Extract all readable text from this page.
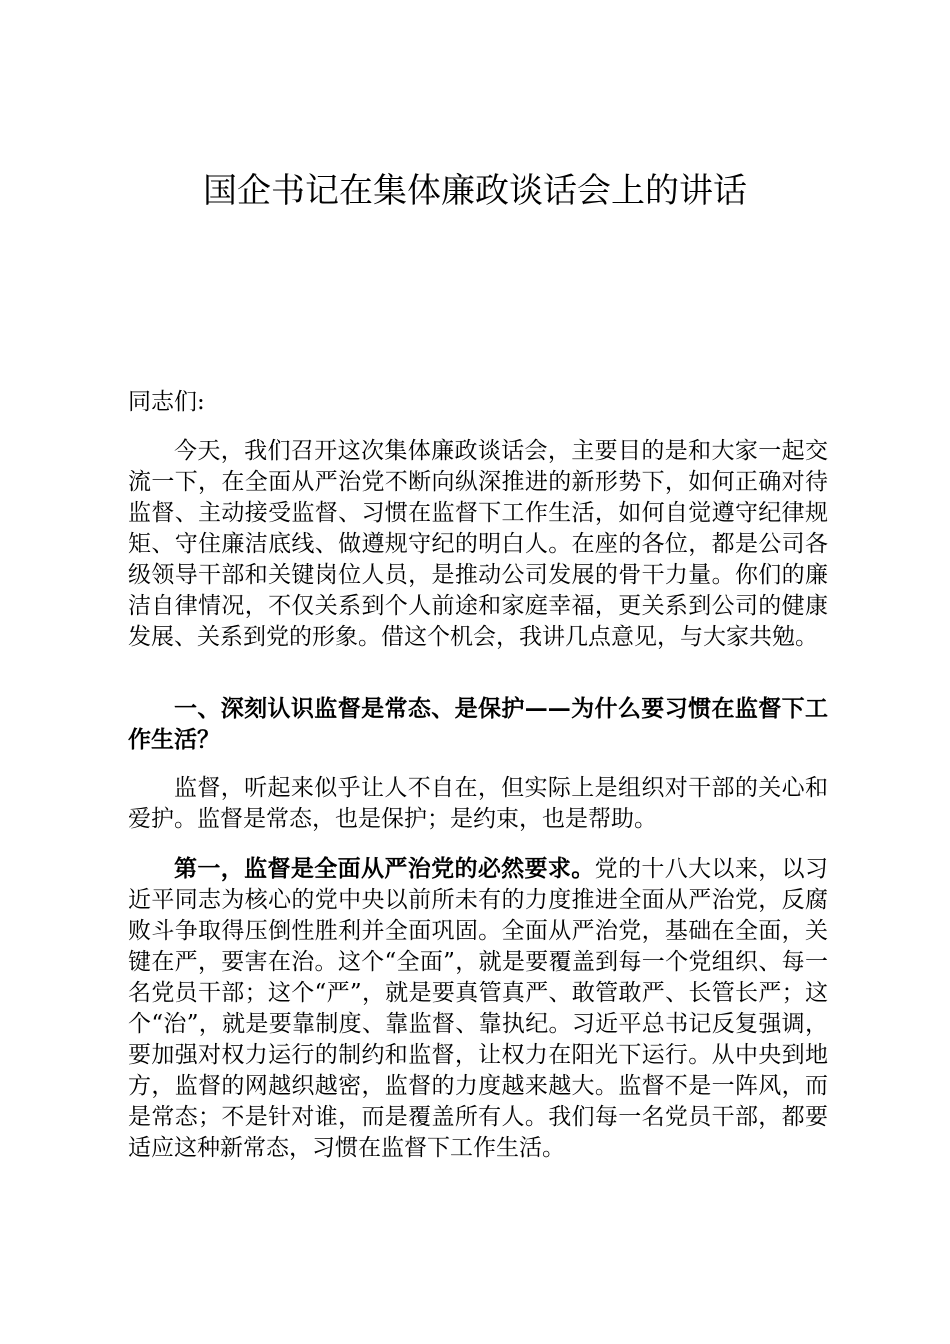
国企书记在集体廉政谈话会上的讲话

同志们:

今天，我们召开这次集体廉政谈话会，主要目的是和大家一起交流一下，在全面从严治党不断向纵深推进的新形势下，如何正确对待监督、主动接受监督、习惯在监督下工作生活，如何自觉遵守纪律规矩、守住廉洁底线、做遵规守纪的明白人。在座的各位，都是公司各级领导干部和关键岗位人员，是推动公司发展的骨干力量。你们的廉洁自律情况，不仅关系到个人前途和家庭幸福，更关系到公司的健康发展、关系到党的形象。借这个机会，我讲几点意见，与大家共勉。

一、深刻认识监督是常态、是保护——为什么要习惯在监督下工作生活？

监督，听起来似乎让人不自在，但实际上是组织对干部的关心和爱护。监督是常态，也是保护；是约束，也是帮助。

第一，监督是全面从严治党的必然要求。党的十八大以来，以习近平同志为核心的党中央以前所未有的力度推进全面从严治党，反腐败斗争取得压倒性胜利并全面巩固。全面从严治党，基础在全面，关键在严，要害在治。这个“全面”，就是要覆盖到每一个党组织、每一名党员干部；这个“严”，就是要真管真严、敢管敢严、长管长严；这个“治”，就是要靠制度、靠监督、靠执纪。习近平总书记反复强调，要加强对权力运行的制约和监督，让权力在阳光下运行。从中央到地方，监督的网越织越密，监督的力度越来越大。监督不是一阵风，而是常态；不是针对谁，而是覆盖所有人。我们每一名党员干部，都要适应这种新常态，习惯在监督下工作生活。
